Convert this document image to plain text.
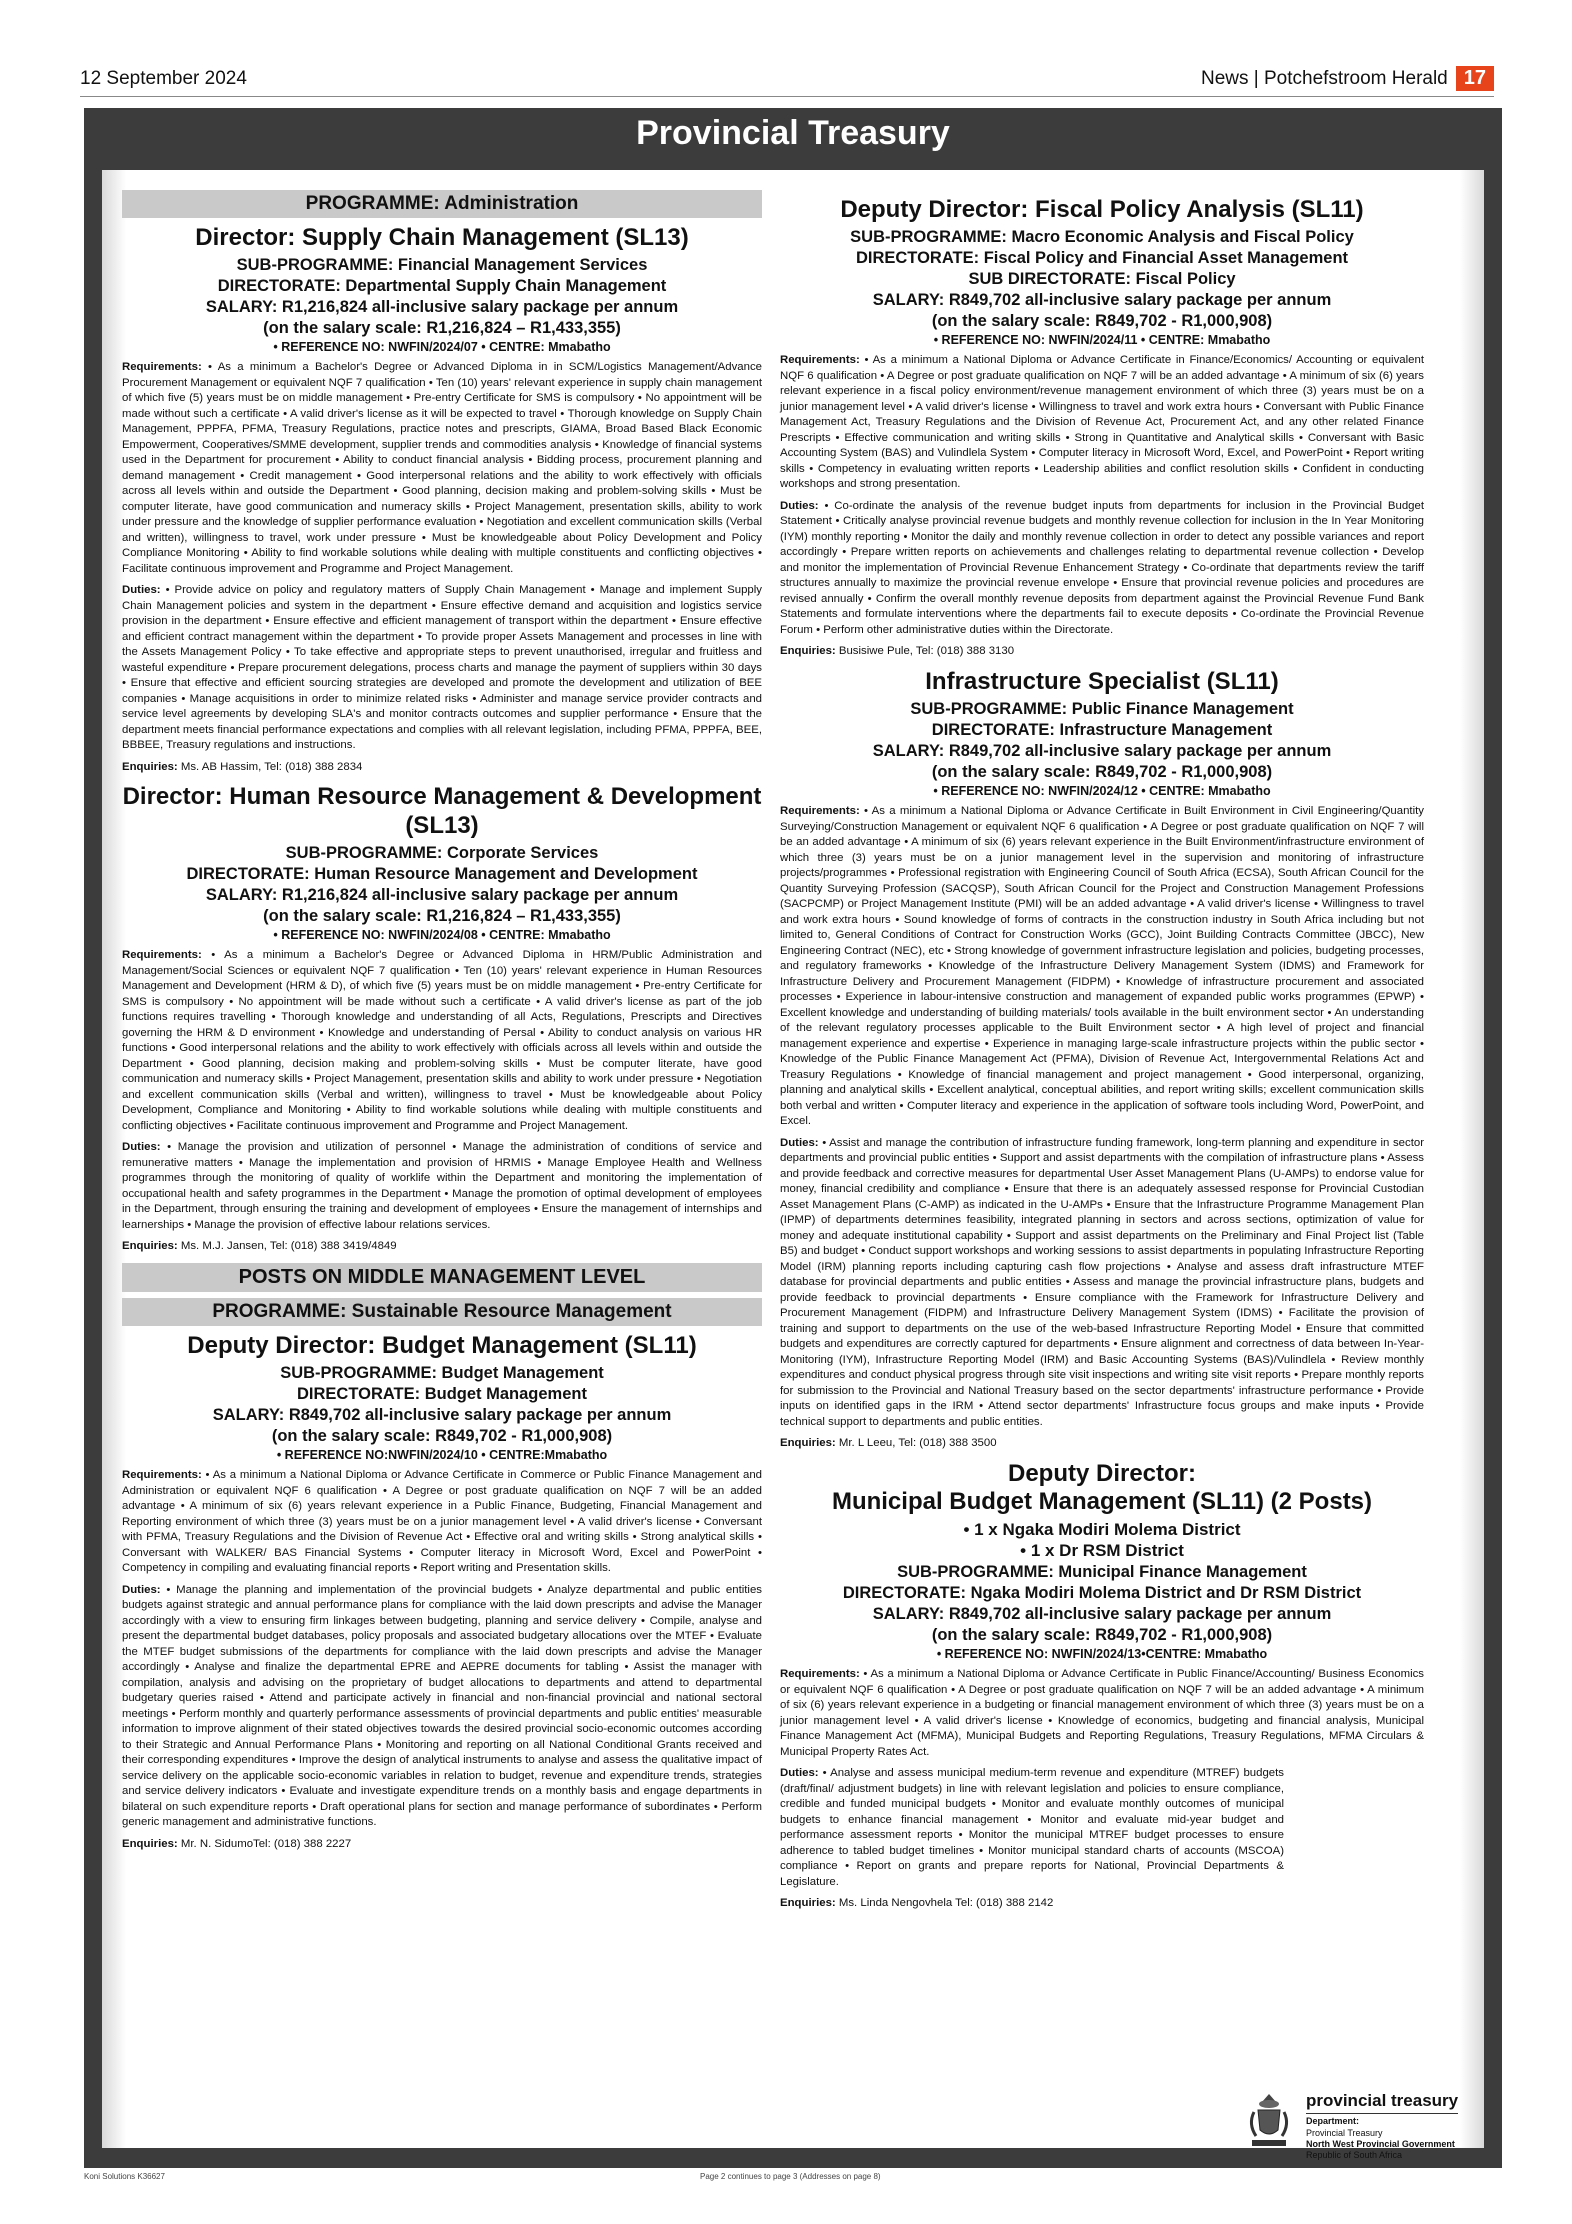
12 September 2024	News | Potchefstroom Herald 17
Provincial Treasury
PROGRAMME: Administration
Director: Supply Chain Management (SL13)
SUB-PROGRAMME: Financial Management Services
DIRECTORATE: Departmental Supply Chain Management
SALARY: R1,216,824 all-inclusive salary package per annum
(on the salary scale: R1,216,824 – R1,433,355)
• REFERENCE NO: NWFIN/2024/07 • CENTRE: Mmabatho

Requirements: • As a minimum a Bachelor's Degree or Advanced Diploma in in SCM/Logistics Management/Advance Procurement Management or equivalent NQF 7 qualification • Ten (10) years' relevant experience in supply chain management of which five (5) years must be on middle management • Pre-entry Certificate for SMS is compulsory • No appointment will be made without such a certificate • A valid driver's license as it will be expected to travel • Thorough knowledge on Supply Chain Management, PPPFA, PFMA, Treasury Regulations, practice notes and prescripts, GIAMA, Broad Based Black Economic Empowerment, Cooperatives/SMME development, supplier trends and commodities analysis • Knowledge of financial systems used in the Department for procurement • Ability to conduct financial analysis • Bidding process, procurement planning and demand management • Credit management • Good interpersonal relations and the ability to work effectively with officials across all levels within and outside the Department • Good planning, decision making and problem-solving skills • Must be computer literate, have good communication and numeracy skills • Project Management, presentation skills, ability to work under pressure and the knowledge of supplier performance evaluation • Negotiation and excellent communication skills (Verbal and written), willingness to travel, work under pressure • Must be knowledgeable about Policy Development and Policy Compliance Monitoring • Ability to find workable solutions while dealing with multiple constituents and conflicting objectives • Facilitate continuous improvement and Programme and Project Management.

Duties: • Provide advice on policy and regulatory matters of Supply Chain Management • Manage and implement Supply Chain Management policies and system in the department • Ensure effective demand and acquisition and logistics service provision in the department • Ensure effective and efficient management of transport within the department • Ensure effective and efficient contract management within the department • To provide proper Assets Management and processes in line with the Assets Management Policy • To take effective and appropriate steps to prevent unauthorised, irregular and fruitless and wasteful expenditure • Prepare procurement delegations, process charts and manage the payment of suppliers within 30 days • Ensure that effective and efficient sourcing strategies are developed and promote the development and utilization of BEE companies • Manage acquisitions in order to minimize related risks • Administer and manage service provider contracts and service level agreements by developing SLA's and monitor contracts outcomes and supplier performance • Ensure that the department meets financial performance expectations and complies with all relevant legislation, including PFMA, PPPFA, BEE, BBBEE, Treasury regulations and instructions.

Enquiries: Ms. AB Hassim, Tel: (018) 388 2834

Director: Human Resource Management & Development (SL13)
SUB-PROGRAMME: Corporate Services
DIRECTORATE: Human Resource Management and Development
SALARY: R1,216,824 all-inclusive salary package per annum
(on the salary scale: R1,216,824 – R1,433,355)
• REFERENCE NO: NWFIN/2024/08 • CENTRE: Mmabatho

Requirements: • As a minimum a Bachelor's Degree or Advanced Diploma in HRM/Public Administration and Management/Social Sciences or equivalent NQF 7 qualification • Ten (10) years' relevant experience in Human Resources Management and Development (HRM & D), of which five (5) years must be on middle management • Pre-entry Certificate for SMS is compulsory • No appointment will be made without such a certificate • A valid driver's license as part of the job functions requires travelling • Thorough knowledge and understanding of all Acts, Regulations, Prescripts and Directives governing the HRM & D environment • Knowledge and understanding of Persal • Ability to conduct analysis on various HR functions • Good interpersonal relations and the ability to work effectively with officials across all levels within and outside the Department • Good planning, decision making and problem-solving skills • Must be computer literate, have good communication and numeracy skills • Project Management, presentation skills and ability to work under pressure • Negotiation and excellent communication skills (Verbal and written), willingness to travel • Must be knowledgeable about Policy Development, Compliance and Monitoring • Ability to find workable solutions while dealing with multiple constituents and conflicting objectives • Facilitate continuous improvement and Programme and Project Management.

Duties: • Manage the provision and utilization of personnel • Manage the administration of conditions of service and remunerative matters • Manage the implementation and provision of HRMIS • Manage Employee Health and Wellness programmes through the monitoring of quality of worklife within the Department and monitoring the implementation of occupational health and safety programmes in the Department • Manage the promotion of optimal development of employees in the Department, through ensuring the training and development of employees • Ensure the management of internships and learnerships • Manage the provision of effective labour relations services.

Enquiries: Ms. M.J. Jansen, Tel: (018) 388 3419/4849

POSTS ON MIDDLE MANAGEMENT LEVEL
PROGRAMME: Sustainable Resource Management
Deputy Director: Budget Management (SL11)
SUB-PROGRAMME: Budget Management
DIRECTORATE: Budget Management
SALARY: R849,702 all-inclusive salary package per annum
(on the salary scale: R849,702 - R1,000,908)
• REFERENCE NO:NWFIN/2024/10 • CENTRE:Mmabatho

Requirements: • As a minimum a National Diploma or Advance Certificate in Commerce or Public Finance Management and Administration or equivalent NQF 6 qualification • A Degree or post graduate qualification on NQF 7 will be an added advantage • A minimum of six (6) years relevant experience in a Public Finance, Budgeting, Financial Management and Reporting environment of which three (3) years must be on a junior management level • A valid driver's license • Conversant with PFMA, Treasury Regulations and the Division of Revenue Act • Effective oral and writing skills • Strong analytical skills • Conversant with WALKER/ BAS Financial Systems • Computer literacy in Microsoft Word, Excel and PowerPoint • Competency in compiling and evaluating financial reports • Report writing and Presentation skills.

Duties: • Manage the planning and implementation of the provincial budgets • Analyze departmental and public entities budgets against strategic and annual performance plans for compliance with the laid down prescripts and advise the Manager accordingly with a view to ensuring firm linkages between budgeting, planning and service delivery • Compile, analyse and present the departmental budget databases, policy proposals and associated budgetary allocations over the MTEF • Evaluate the MTEF budget submissions of the departments for compliance with the laid down prescripts and advise the Manager accordingly • Analyse and finalize the departmental EPRE and AEPRE documents for tabling • Assist the manager with compilation, analysis and advising on the proprietary of budget allocations to departments and attend to departmental budgetary queries raised • Attend and participate actively in financial and non-financial provincial and national sectoral meetings • Perform monthly and quarterly performance assessments of provincial departments and public entities' measurable information to improve alignment of their stated objectives towards the desired provincial socio-economic outcomes according to their Strategic and Annual Performance Plans • Monitoring and reporting on all National Conditional Grants received and their corresponding expenditures • Improve the design of analytical instruments to analyse and assess the qualitative impact of service delivery on the applicable socio-economic variables in relation to budget, revenue and expenditure trends, strategies and service delivery indicators • Evaluate and investigate expenditure trends on a monthly basis and engage departments in bilateral on such expenditure reports • Draft operational plans for section and manage performance of subordinates • Perform generic management and administrative functions.

Enquiries: Mr. N. SidumoTel: (018) 388 2227

Deputy Director: Fiscal Policy Analysis (SL11)
SUB-PROGRAMME: Macro Economic Analysis and Fiscal Policy
DIRECTORATE: Fiscal Policy and Financial Asset Management
SUB DIRECTORATE: Fiscal Policy
SALARY: R849,702 all-inclusive salary package per annum
(on the salary scale: R849,702 - R1,000,908)
• REFERENCE NO: NWFIN/2024/11 • CENTRE: Mmabatho

Requirements: • As a minimum a National Diploma or Advance Certificate in Finance/Economics/ Accounting or equivalent NQF 6 qualification • A Degree or post graduate qualification on NQF 7 will be an added advantage • A minimum of six (6) years relevant experience in a fiscal policy environment/revenue management environment of which three (3) years must be on a junior management level • A valid driver's license • Willingness to travel and work extra hours • Conversant with Public Finance Management Act, Treasury Regulations and the Division of Revenue Act, Procurement Act, and any other related Finance Prescripts • Effective communication and writing skills • Strong in Quantitative and Analytical skills • Conversant with Basic Accounting System (BAS) and Vulindlela System • Computer literacy in Microsoft Word, Excel, and PowerPoint • Report writing skills • Competency in evaluating written reports • Leadership abilities and conflict resolution skills • Confident in conducting workshops and strong presentation.

Duties: • Co-ordinate the analysis of the revenue budget inputs from departments for inclusion in the Provincial Budget Statement • Critically analyse provincial revenue budgets and monthly revenue collection for inclusion in the In Year Monitoring (IYM) monthly reporting • Monitor the daily and monthly revenue collection in order to detect any possible variances and report accordingly • Prepare written reports on achievements and challenges relating to departmental revenue collection • Develop and monitor the implementation of Provincial Revenue Enhancement Strategy • Co-ordinate that departments review the tariff structures annually to maximize the provincial revenue envelope • Ensure that provincial revenue policies and procedures are revised annually • Confirm the overall monthly revenue deposits from department against the Provincial Revenue Fund Bank Statements and formulate interventions where the departments fail to execute deposits • Co-ordinate the Provincial Revenue Forum • Perform other administrative duties within the Directorate.

Enquiries: Busisiwe Pule, Tel: (018) 388 3130

Infrastructure Specialist (SL11)
SUB-PROGRAMME: Public Finance Management
DIRECTORATE: Infrastructure Management
SALARY: R849,702 all-inclusive salary package per annum
(on the salary scale: R849,702 - R1,000,908)
• REFERENCE NO: NWFIN/2024/12 • CENTRE: Mmabatho

Requirements: • As a minimum a National Diploma or Advance Certificate in Built Environment in Civil Engineering/Quantity Surveying/Construction Management or equivalent NQF 6 qualification • A Degree or post graduate qualification on NQF 7 will be an added advantage • A minimum of six (6) years relevant experience in the Built Environment/infrastructure environment of which three (3) years must be on a junior management level in the supervision and monitoring of infrastructure projects/programmes • Professional registration with Engineering Council of South Africa (ECSA), South African Council for the Quantity Surveying Profession (SACQSP), South African Council for the Project and Construction Management Professions (SACPCMP) or Project Management Institute (PMI) will be an added advantage • A valid driver's license • Willingness to travel and work extra hours • Sound knowledge of forms of contracts in the construction industry in South Africa including but not limited to, General Conditions of Contract for Construction Works (GCC), Joint Building Contracts Committee (JBCC), New Engineering Contract (NEC), etc • Strong knowledge of government infrastructure legislation and policies, budgeting processes, and regulatory frameworks • Knowledge of the Infrastructure Delivery Management System (IDMS) and Framework for Infrastructure Delivery and Procurement Management (FIDPM) • Knowledge of infrastructure procurement and associated processes • Experience in labour-intensive construction and management of expanded public works programmes (EPWP) • Excellent knowledge and understanding of building materials/ tools available in the built environment sector • An understanding of the relevant regulatory processes applicable to the Built Environment sector • A high level of project and financial management experience and expertise • Experience in managing large-scale infrastructure projects within the public sector • Knowledge of the Public Finance Management Act (PFMA), Division of Revenue Act, Intergovernmental Relations Act and Treasury Regulations • Knowledge of financial management and project management • Good interpersonal, organizing, planning and analytical skills • Excellent analytical, conceptual abilities, and report writing skills; excellent communication skills both verbal and written • Computer literacy and experience in the application of software tools including Word, PowerPoint, and Excel.

Duties: • Assist and manage the contribution of infrastructure funding framework, long-term planning and expenditure in sector departments and provincial public entities • Support and assist departments with the compilation of infrastructure plans • Assess and provide feedback and corrective measures for departmental User Asset Management Plans (U-AMPs) to endorse value for money, financial credibility and compliance • Ensure that there is an adequately assessed response for Provincial Custodian Asset Management Plans (C-AMP) as indicated in the U-AMPs • Ensure that the Infrastructure Programme Management Plan (IPMP) of departments determines feasibility, integrated planning in sectors and across sections, optimization of value for money and adequate institutional capability • Support and assist departments on the Preliminary and Final Project list (Table B5) and budget • Conduct support workshops and working sessions to assist departments in populating Infrastructure Reporting Model (IRM) planning reports including capturing cash flow projections • Analyse and assess draft infrastructure MTEF database for provincial departments and public entities • Assess and manage the provincial infrastructure plans, budgets and provide feedback to provincial departments • Ensure compliance with the Framework for Infrastructure Delivery and Procurement Management (FIDPM) and Infrastructure Delivery Management System (IDMS) • Facilitate the provision of training and support to departments on the use of the web-based Infrastructure Reporting Model • Ensure that committed budgets and expenditures are correctly captured for departments • Ensure alignment and correctness of data between In-Year-Monitoring (IYM), Infrastructure Reporting Model (IRM) and Basic Accounting Systems (BAS)/Vulindlela • Review monthly expenditures and conduct physical progress through site visit inspections and writing site visit reports • Prepare monthly reports for submission to the Provincial and National Treasury based on the sector departments' infrastructure performance • Provide inputs on identified gaps in the IRM • Attend sector departments' Infrastructure focus groups and make inputs • Provide technical support to departments and public entities.

Enquiries: Mr. L Leeu, Tel: (018) 388 3500

Deputy Director:
Municipal Budget Management (SL11) (2 Posts)
• 1 x Ngaka Modiri Molema District
• 1 x Dr RSM District
SUB-PROGRAMME: Municipal Finance Management
DIRECTORATE: Ngaka Modiri Molema District and Dr RSM District
SALARY: R849,702 all-inclusive salary package per annum
(on the salary scale: R849,702 - R1,000,908)
• REFERENCE NO: NWFIN/2024/13•CENTRE: Mmabatho

Requirements: • As a minimum a National Diploma or Advance Certificate in Public Finance/Accounting/ Business Economics or equivalent NQF 6 qualification • A Degree or post graduate qualification on NQF 7 will be an added advantage • A minimum of six (6) years relevant experience in a budgeting or financial management environment of which three (3) years must be on a junior management level • A valid driver's license • Knowledge of economics, budgeting and financial analysis, Municipal Finance Management Act (MFMA), Municipal Budgets and Reporting Regulations, Treasury Regulations, MFMA Circulars & Municipal Property Rates Act.

Duties: • Analyse and assess municipal medium-term revenue and expenditure (MTREF) budgets (draft/final/ adjustment budgets) in line with relevant legislation and policies to ensure compliance, credible and funded municipal budgets • Monitor and evaluate monthly outcomes of municipal budgets to enhance financial management • Monitor and evaluate mid-year budget and performance assessment reports • Monitor the municipal MTREF budget processes to ensure adherence to tabled budget timelines • Monitor municipal standard charts of accounts (MSCOA) compliance • Report on grants and prepare reports for National, Provincial Departments & Legislature.

Enquiries: Ms. Linda Nengovhela Tel: (018) 388 2142

provincial treasury
Department:
Provincial Treasury
North West Provincial Government
Republic of South Africa
Koni Solutions K36627	Page 2 continues to page 3 (Addresses on page 8)
